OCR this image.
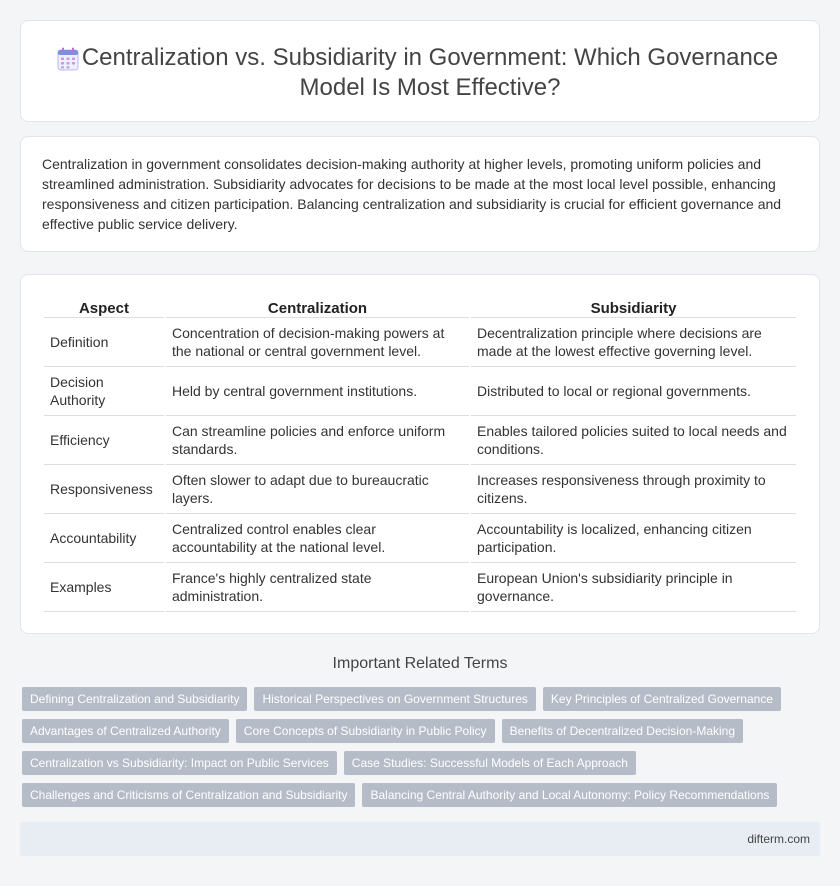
Centralization vs. Subsidiarity in Government: Which Governance Model Is Most Effective?

Centralization in government consolidates decision-making authority at higher levels, promoting uniform policies and streamlined administration. Subsidiarity advocates for decisions to be made at the most local level possible, enhancing responsiveness and citizen participation. Balancing centralization and subsidiarity is crucial for efficient governance and effective public service delivery.

Aspect	Centralization	Subsidiarity
Definition	Concentration of decision-making powers at the national or central government level.	Decentralization principle where decisions are made at the lowest effective governing level.
Decision Authority	Held by central government institutions.	Distributed to local or regional governments.
Efficiency	Can streamline policies and enforce uniform standards.	Enables tailored policies suited to local needs and conditions.
Responsiveness	Often slower to adapt due to bureaucratic layers.	Increases responsiveness through proximity to citizens.
Accountability	Centralized control enables clear accountability at the national level.	Accountability is localized, enhancing citizen participation.
Examples	France's highly centralized state administration.	European Union's subsidiarity principle in governance.
Important Related Terms
Defining Centralization and Subsidiarity	Historical Perspectives on Government Structures	Key Principles of Centralized Governance
Advantages of Centralized Authority	Core Concepts of Subsidiarity in Public Policy	Benefits of Decentralized Decision-Making
Centralization vs Subsidiarity: Impact on Public Services	Case Studies: Successful Models of Each Approach
Challenges and Criticisms of Centralization and Subsidiarity	Balancing Central Authority and Local Autonomy: Policy Recommendations
difterm.com
